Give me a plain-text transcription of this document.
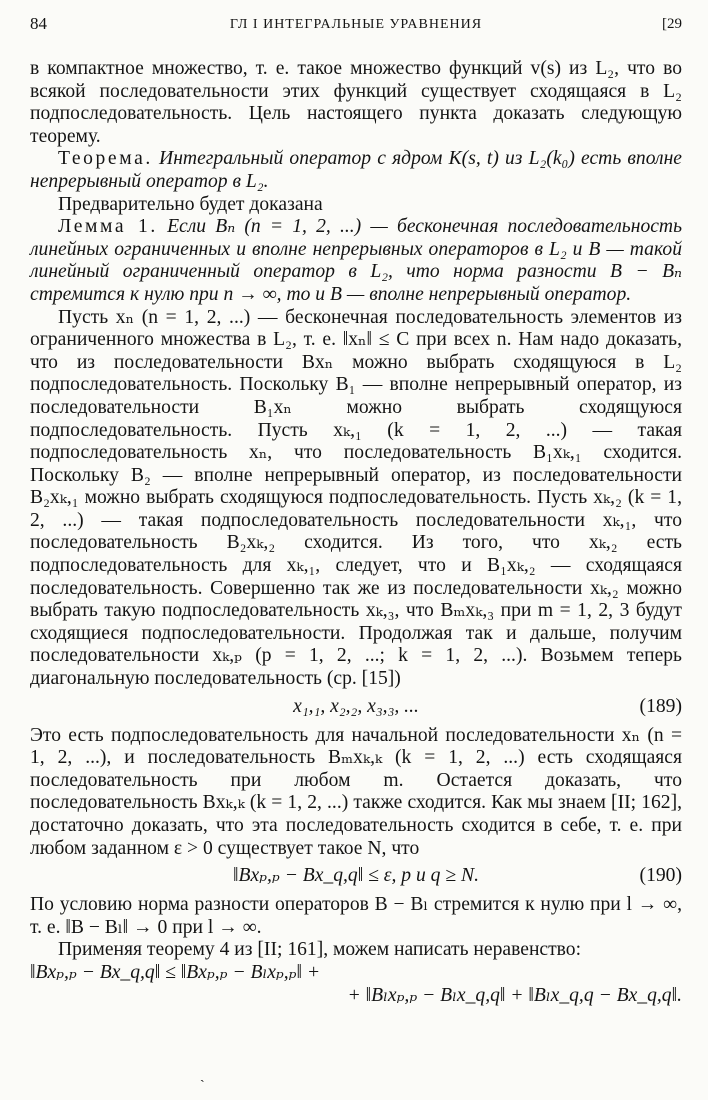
84	ГЛ I ИНТЕГРАЛЬНЫЕ УРАВНЕНИЯ	[29

в компактное множество, т. е. такое множество функций v(s) из L₂, что во всякой последовательности этих функций существует сходящаяся в L₂ подпоследовательность. Цель настоящего пункта доказать следующую теорему.

Теорема. Интегральный оператор с ядром K(s, t) из L₂(k₀) есть вполне непрерывный оператор в L₂.

Предварительно будет доказана

Лемма 1. Если Bₙ (n = 1, 2, ...) — бесконечная последовательность линейных ограниченных и вполне непрерывных операторов в L₂ и B — такой линейный ограниченный оператор в L₂, что норма разности B − Bₙ стремится к нулю при n → ∞, то и B — вполне непрерывный оператор.

Пусть xₙ (n = 1, 2, ...) — бесконечная последовательность элементов из ограниченного множества в L₂, т. е. ‖xₙ‖ ≤ C при всех n. Нам надо доказать, что из последовательности Bxₙ можно выбрать сходящуюся в L₂ подпоследовательность. Поскольку B₁ — вполне непрерывный оператор, из последовательности B₁xₙ можно выбрать сходящуюся подпоследовательность. Пусть xₖ,₁ (k = 1, 2, ...) — такая подпоследовательность xₙ, что последовательность B₁xₖ,₁ сходится. Поскольку B₂ — вполне непрерывный оператор, из последовательности B₂xₖ,₁ можно выбрать сходящуюся подпоследовательность. Пусть xₖ,₂ (k = 1, 2, ...) — такая подпоследовательность последовательности xₖ,₁, что последовательность B₂xₖ,₂ сходится. Из того, что xₖ,₂ есть подпоследовательность для xₖ,₁, следует, что и B₁xₖ,₂ — сходящаяся последовательность. Совершенно так же из последовательности xₖ,₂ можно выбрать такую подпоследовательность xₖ,₃, что Bₘxₖ,₃ при m = 1, 2, 3 будут сходящиеся подпоследовательности. Продолжая так и дальше, получим последовательности xₖ,ₚ (p = 1, 2, ...; k = 1, 2, ...). Возьмем теперь диагональную последовательность (ср. [15])

x₁,₁, x₂,₂, x₃,₃, ...	(189)

Это есть подпоследовательность для начальной последовательности xₙ (n = 1, 2, ...), и последовательность Bₘxₖ,ₖ (k = 1, 2, ...) есть сходящаяся последовательность при любом m. Остается доказать, что последовательность Bxₖ,ₖ (k = 1, 2, ...) также сходится. Как мы знаем [II; 162], достаточно доказать, что эта последовательность сходится в себе, т. е. при любом заданном ε > 0 существует такое N, что

‖Bxₚ,ₚ − Bx_q,q‖ ≤ ε, p и q ≥ N.	(190)

По условию норма разности операторов B − Bₗ стремится к нулю при l → ∞, т. е. ‖B − Bₗ‖ → 0 при l → ∞.

Применяя теорему 4 из [II; 161], можем написать неравенство:

‖Bxₚ,ₚ − Bx_q,q‖ ≤ ‖Bxₚ,ₚ − Bₗxₚ,ₚ‖ +

+ ‖Bₗxₚ,ₚ − Bₗx_q,q‖ + ‖Bₗx_q,q − Bx_q,q‖.

ˏ
